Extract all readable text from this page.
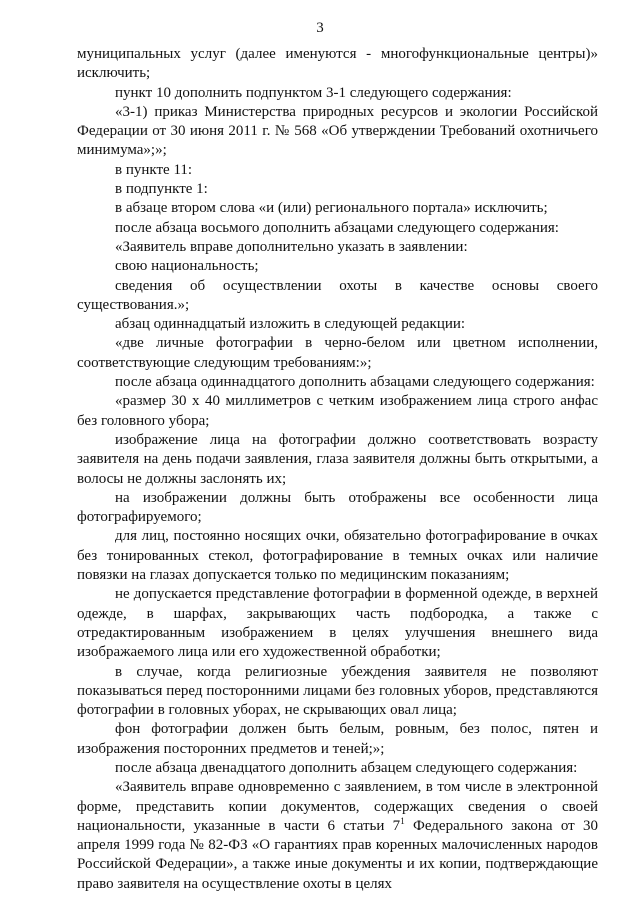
3

муниципальных услуг (далее именуются - многофункциональные центры)» исключить;

пункт 10 дополнить подпунктом 3-1 следующего содержания:

«3-1) приказ Министерства природных ресурсов и экологии Российской Федерации от 30 июня 2011 г. № 568 «Об утверждении Требований охотничьего минимума»;»;

в пункте 11:

в подпункте 1:

в абзаце втором слова «и (или) регионального портала» исключить;

после абзаца восьмого дополнить абзацами следующего содержания:

«Заявитель вправе дополнительно указать в заявлении:

свою национальность;

сведения об осуществлении охоты в качестве основы своего существования.»;

абзац одиннадцатый изложить в следующей редакции:

«две личные фотографии в черно-белом или цветном исполнении, соответствующие следующим требованиям:»;

после абзаца одиннадцатого дополнить абзацами следующего содержания:

«размер 30 х 40 миллиметров с четким изображением лица строго анфас без головного убора;

изображение лица на фотографии должно соответствовать возрасту заявителя на день подачи заявления, глаза заявителя должны быть открытыми, а волосы не должны заслонять их;

на изображении должны быть отображены все особенности лица фотографируемого;

для лиц, постоянно носящих очки, обязательно фотографирование в очках без тонированных стекол, фотографирование в темных очках или наличие повязки на глазах допускается только по медицинским показаниям;

не допускается представление фотографии в форменной одежде, в верхней одежде, в шарфах, закрывающих часть подбородка, а также с отредактированным изображением в целях улучшения внешнего вида изображаемого лица или его художественной обработки;

в случае, когда религиозные убеждения заявителя не позволяют показываться перед посторонними лицами без головных уборов, представляются фотографии в головных уборах, не скрывающих овал лица;

фон фотографии должен быть белым, ровным, без полос, пятен и изображения посторонних предметов и теней;»;

после абзаца двенадцатого дополнить абзацем следующего содержания:

«Заявитель вправе одновременно с заявлением, в том числе в электронной форме, представить копии документов, содержащих сведения о своей национальности, указанные в части 6 статьи $7^1$ Федерального закона от 30 апреля 1999 года № 82-ФЗ «О гарантиях прав коренных малочисленных народов Российской Федерации», а также иные документы и их копии, подтверждающие право заявителя на осуществление охоты в целях
